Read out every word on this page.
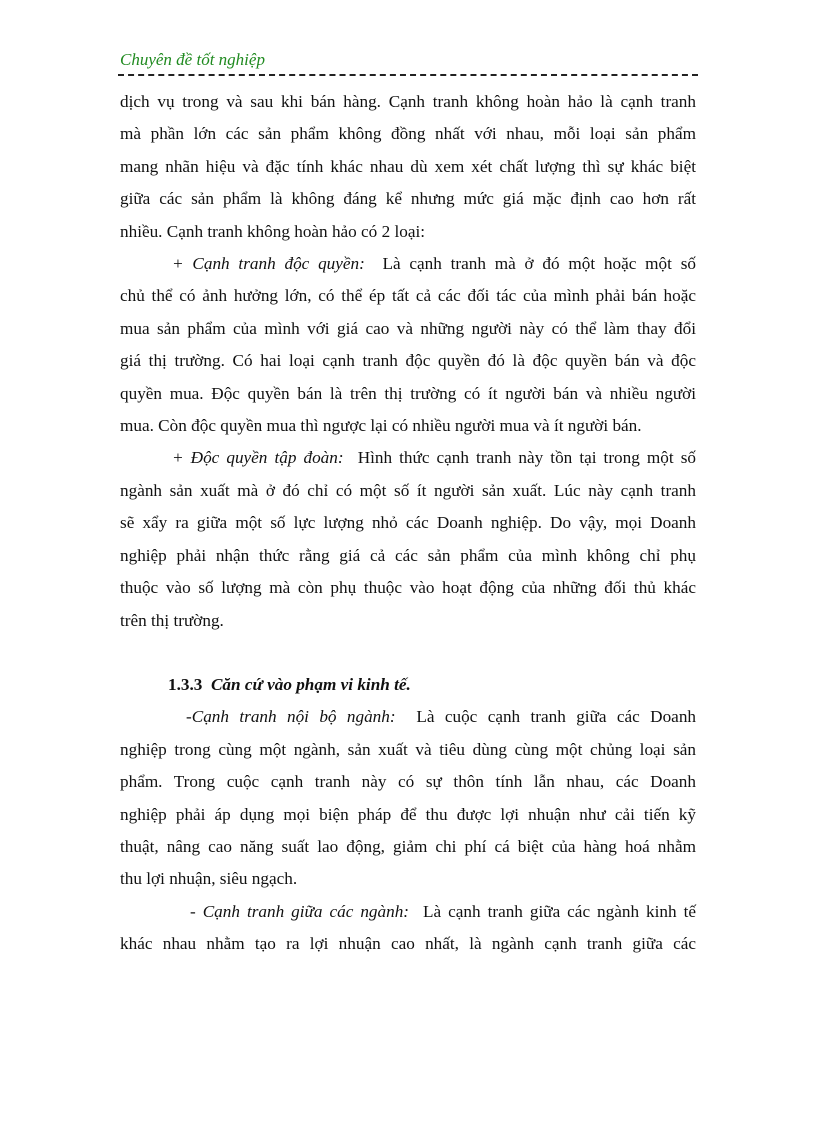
Chuyên đề tốt nghiệp
dịch vụ trong và sau khi bán hàng. Cạnh tranh không hoàn hảo là cạnh tranh
mà phần lớn các sản phẩm không đồng nhất với nhau, mỗi loại sản phẩm
mang nhãn hiệu và đặc tính khác nhau dù xem xét chất lượng thì sự khác biệt
giữa các sản phẩm là không đáng kể nhưng mức giá mặc định cao hơn rất
nhiều. Cạnh tranh không hoàn hảo có 2 loại:
+ Cạnh tranh độc quyền: Là cạnh tranh mà ở đó một hoặc một số
chủ thể có ảnh hưởng lớn, có thể ép tất cả các đối tác của mình phải bán hoặc
mua sản phẩm của mình với giá cao và những người này có thể làm thay đổi
giá thị trường. Có hai loại cạnh tranh độc quyền đó là độc quyền bán và độc
quyền mua. Độc quyền bán là trên thị trường có ít người bán và nhiều người
mua. Còn độc quyền mua thì ngược lại có nhiều người mua và ít người bán.
+ Độc quyền tập đoàn: Hình thức cạnh tranh này tồn tại trong một số
ngành sản xuất mà ở đó chỉ có một số ít người sản xuất. Lúc này cạnh tranh
sẽ xẩy ra giữa một số lực lượng nhỏ các Doanh nghiệp. Do vậy, mọi Doanh
nghiệp phải nhận thức rằng giá cả các sản phẩm của mình không chỉ phụ
thuộc vào số lượng mà còn phụ thuộc vào hoạt động của những đối thủ khác
trên thị trường.
1.3.3 Căn cứ vào phạm vi kinh tế.
-Cạnh tranh nội bộ ngành: Là cuộc cạnh tranh giữa các Doanh
nghiệp trong cùng một ngành, sản xuất và tiêu dùng cùng một chủng loại sản
phẩm. Trong cuộc cạnh tranh này có sự thôn tính lẫn nhau, các Doanh
nghiệp phải áp dụng mọi biện pháp để thu được lợi nhuận như cải tiến kỹ
thuật, nâng cao năng suất lao động, giảm chi phí cá biệt của hàng hoá nhằm
thu lợi nhuận, siêu ngạch.
- Cạnh tranh giữa các ngành: Là cạnh tranh giữa các ngành kinh tế
khác nhau nhằm tạo ra lợi nhuận cao nhất, là ngành cạnh tranh giữa các
